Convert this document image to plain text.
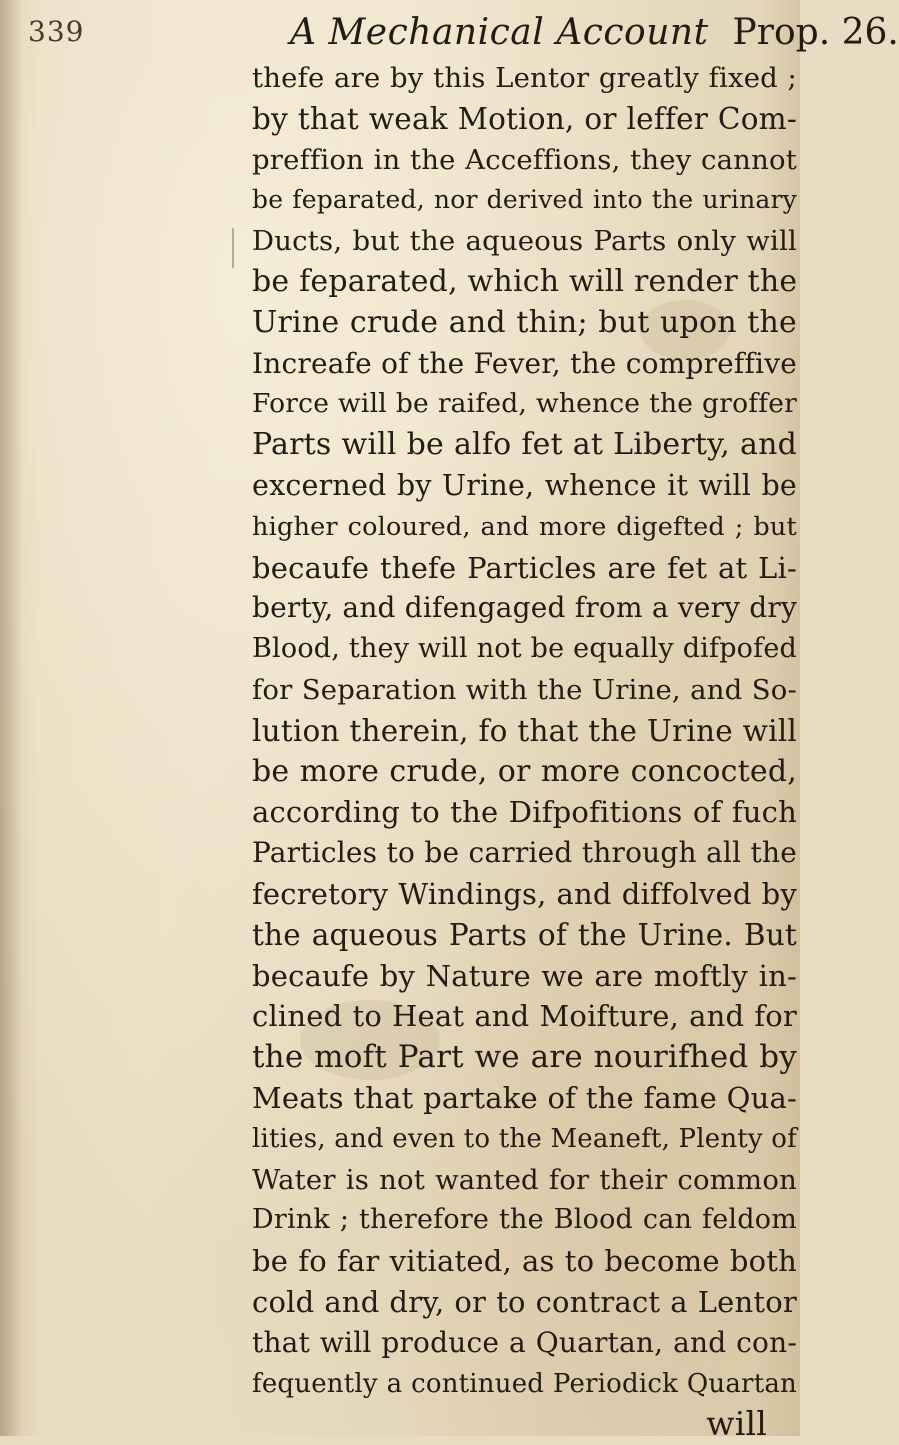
339	A Mechanical Account Prop. 26.
thefe are by this Lentor greatly fixed ;
by that weak Motion, or leffer Com-
preffion in the Acceffions, they cannot
be feparated, nor derived into the urinary
Ducts, but the aqueous Parts only will
be feparated, which will render the
Urine crude and thin; but upon the
Increafe of the Fever, the compreffive
Force will be raifed, whence the groffer
Parts will be alfo fet at Liberty, and
excerned by Urine, whence it will be
higher coloured, and more digefted ; but
becaufe thefe Particles are fet at Li-
berty, and difengaged from a very dry
Blood, they will not be equally difpofed
for Separation with the Urine, and So-
lution therein, fo that the Urine will
be more crude, or more concocted,
according to the Difpofitions of fuch
Particles to be carried through all the
fecretory Windings, and diffolved by
the aqueous Parts of the Urine. But
becaufe by Nature we are moftly in-
clined to Heat and Moifture, and for
the moft Part we are nourifhed by
Meats that partake of the fame Qua-
lities, and even to the Meaneft, Plenty of
Water is not wanted for their common
Drink ; therefore the Blood can feldom
be fo far vitiated, as to become both
cold and dry, or to contract a Lentor
that will produce a Quartan, and con-
fequently a continued Periodick Quartan
will
